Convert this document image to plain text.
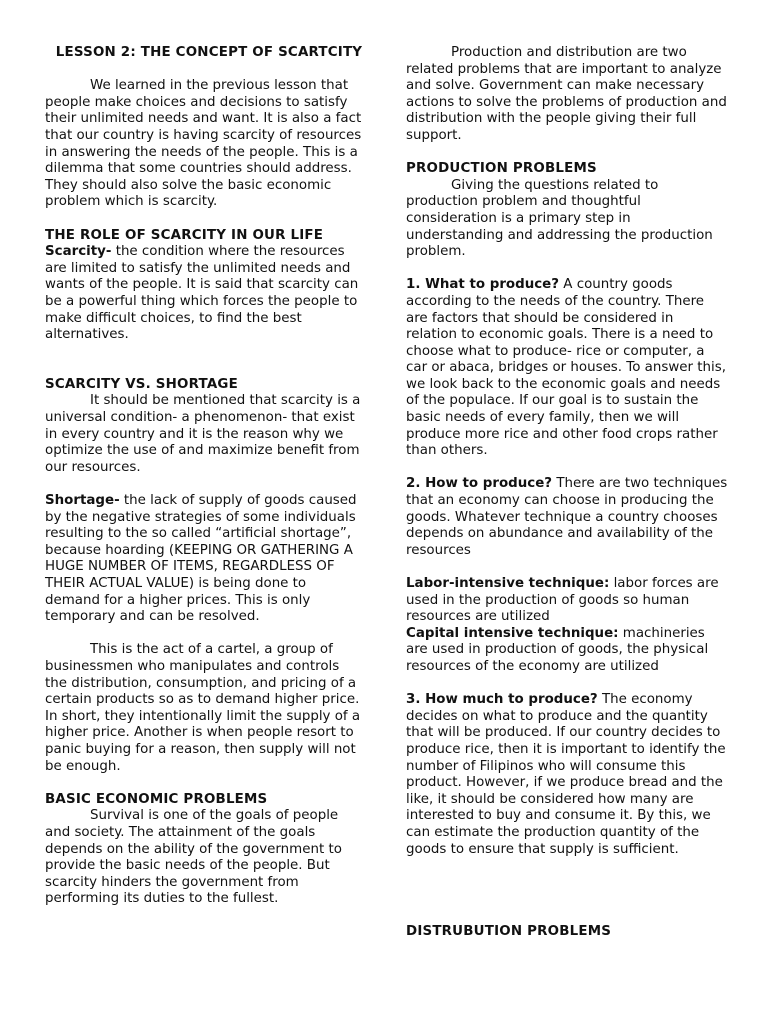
LESSON 2: THE CONCEPT OF SCARTCITY

We learned in the previous lesson that people make choices and decisions to satisfy their unlimited needs and want. It is also a fact that our country is having scarcity of resources in answering the needs of the people. This is a dilemma that some countries should address. They should also solve the basic economic problem which is scarcity.

THE ROLE OF SCARCITY IN OUR LIFE

Scarcity- the condition where the resources are limited to satisfy the unlimited needs and wants of the people. It is said that scarcity can be a powerful thing which forces the people to make difficult choices, to find the best alternatives.

SCARCITY VS. SHORTAGE

It should be mentioned that scarcity is a universal condition- a phenomenon- that exist in every country and it is the reason why we optimize the use of and maximize benefit from our resources.

Shortage- the lack of supply of goods caused by the negative strategies of some individuals resulting to the so called “artificial shortage”, because hoarding (KEEPING OR GATHERING A HUGE NUMBER OF ITEMS, REGARDLESS OF THEIR ACTUAL VALUE) is being done to demand for a higher prices. This is only temporary and can be resolved.

This is the act of a cartel, a group of businessmen who manipulates and controls the distribution, consumption, and pricing of a certain products so as to demand higher price.

In short, they intentionally limit the supply of a higher price. Another is when people resort to panic buying for a reason, then supply will not be enough.

BASIC ECONOMIC PROBLEMS

Survival is one of the goals of people and society. The attainment of the goals depends on the ability of the government to provide the basic needs of the people. But scarcity hinders the government from performing its duties to the fullest.

Production and distribution are two related problems that are important to analyze and solve. Government can make necessary actions to solve the problems of production and distribution with the people giving their full support.

PRODUCTION PROBLEMS

Giving the questions related to production problem and thoughtful consideration is a primary step in understanding and addressing the production problem.

1. What to produce? A country goods according to the needs of the country. There are factors that should be considered in relation to economic goals. There is a need to choose what to produce- rice or computer, a car or abaca, bridges or houses. To answer this, we look back to the economic goals and needs of the populace. If our goal is to sustain the basic needs of every family, then we will produce more rice and other food crops rather than others.

2. How to produce? There are two techniques that an economy can choose in producing the goods. Whatever technique a country chooses depends on abundance and availability of the resources

Labor-intensive technique: labor forces are used in the production of goods so human resources are utilized

Capital intensive technique: machineries are used in production of goods, the physical resources of the economy are utilized

3. How much to produce? The economy decides on what to produce and the quantity that will be produced. If our country decides to produce rice, then it is important to identify the number of Filipinos who will consume this product. However, if we produce bread and the like, it should be considered how many are interested to buy and consume it. By this, we can estimate the production quantity of the goods to ensure that supply is sufficient.

DISTRUBUTION PROBLEMS
